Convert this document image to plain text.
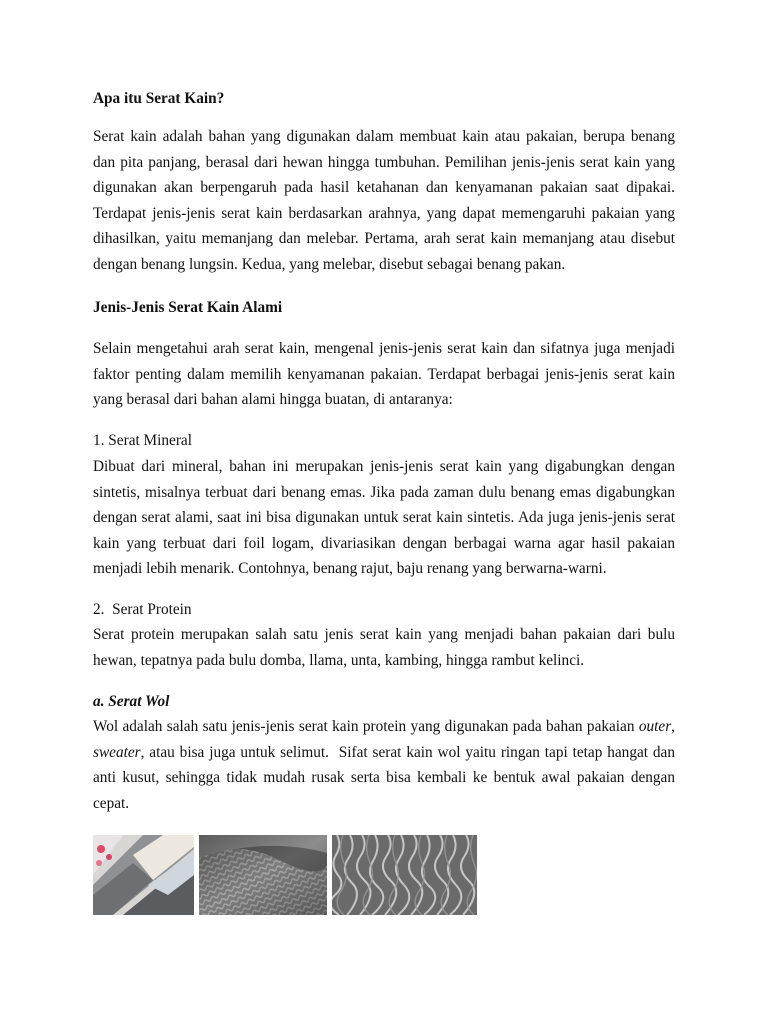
Apa itu Serat Kain?

Serat kain adalah bahan yang digunakan dalam membuat kain atau pakaian, berupa benang dan pita panjang, berasal dari hewan hingga tumbuhan. Pemilihan jenis-jenis serat kain yang digunakan akan berpengaruh pada hasil ketahanan dan kenyamanan pakaian saat dipakai. Terdapat jenis-jenis serat kain berdasarkan arahnya, yang dapat memengaruhi pakaian yang dihasilkan, yaitu memanjang dan melebar. Pertama, arah serat kain memanjang atau disebut dengan benang lungsin. Kedua, yang melebar, disebut sebagai benang pakan.

Jenis-Jenis Serat Kain Alami

Selain mengetahui arah serat kain, mengenal jenis-jenis serat kain dan sifatnya juga menjadi faktor penting dalam memilih kenyamanan pakaian. Terdapat berbagai jenis-jenis serat kain yang berasal dari bahan alami hingga buatan, di antaranya:

1. Serat Mineral

Dibuat dari mineral, bahan ini merupakan jenis-jenis serat kain yang digabungkan dengan sintetis, misalnya terbuat dari benang emas. Jika pada zaman dulu benang emas digabungkan dengan serat alami, saat ini bisa digunakan untuk serat kain sintetis. Ada juga jenis-jenis serat kain yang terbuat dari foil logam, divariasikan dengan berbagai warna agar hasil pakaian menjadi lebih menarik. Contohnya, benang rajut, baju renang yang berwarna-warni.

2.  Serat Protein

Serat protein merupakan salah satu jenis serat kain yang menjadi bahan pakaian dari bulu hewan, tepatnya pada bulu domba, llama, unta, kambing, hingga rambut kelinci.

a. Serat Wol

Wol adalah salah satu jenis-jenis serat kain protein yang digunakan pada bahan pakaian outer, sweater, atau bisa juga untuk selimut.  Sifat serat kain wol yaitu ringan tapi tetap hangat dan anti kusut, sehingga tidak mudah rusak serta bisa kembali ke bentuk awal pakaian dengan cepat.
